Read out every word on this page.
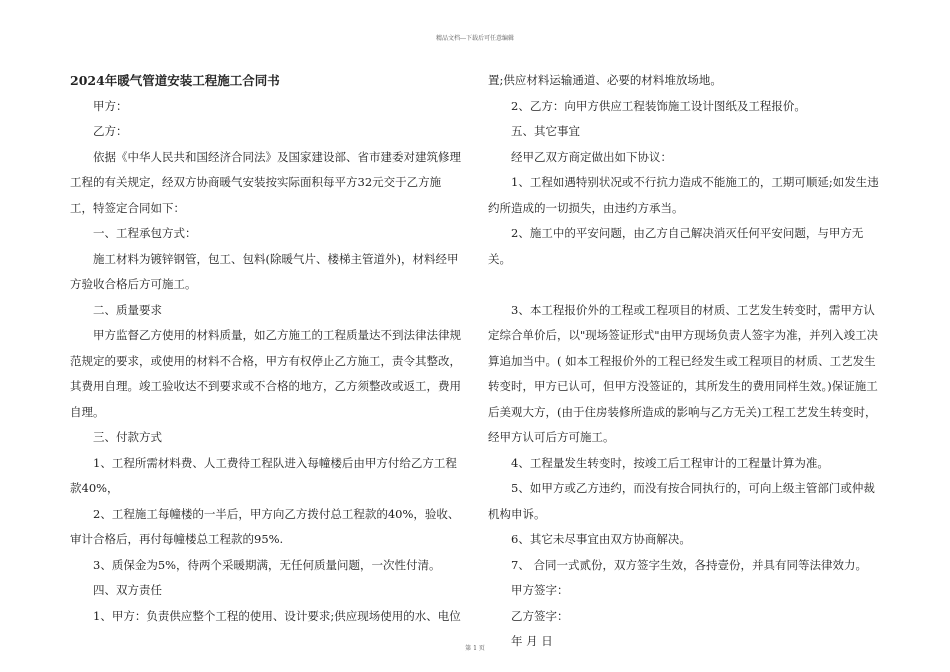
精品文档---下载后可任意编辑

2024年暖气管道安装工程施工合同书

甲方：

乙方：

依据《中华人民共和国经济合同法》及国家建设部、省市建委对建筑修理工程的有关规定，经双方协商暖气安装按实际面积每平方32元交于乙方施工，特签定合同如下：

一、工程承包方式：

施工材料为镀锌钢管，包工、包料(除暖气片、楼梯主管道外)，材料经甲方验收合格后方可施工。

二、质量要求

甲方监督乙方使用的材料质量，如乙方施工的工程质量达不到法律法律规范规定的要求，或使用的材料不合格，甲方有权停止乙方施工，责令其整改，其费用自理。竣工验收达不到要求或不合格的地方，乙方须整改或返工，费用自理。

三、付款方式

1、工程所需材料费、人工费待工程队进入每幢楼后由甲方付给乙方工程款40%，

2、工程施工每幢楼的一半后，甲方向乙方拨付总工程款的40%，验收、审计合格后，再付每幢楼总工程款的95%.

3、质保金为5%，待两个采暖期满，无任何质量问题，一次性付清。

四、双方责任

1、甲方：负责供应整个工程的使用、设计要求;供应现场使用的水、电位

置;供应材料运输通道、必要的材料堆放场地。

2、乙方：向甲方供应工程装饰施工设计图纸及工程报价。

五、其它事宜

经甲乙双方商定做出如下协议：

1、工程如遇特别状况或不行抗力造成不能施工的，工期可顺延;如发生违约所造成的一切损失，由违约方承当。

2、施工中的平安问题，由乙方自己解决消灭任何平安问题，与甲方无关。

3、本工程报价外的工程或工程项目的材质、工艺发生转变时，需甲方认定综合单价后，以"现场签证形式"由甲方现场负责人签字为准，并列入竣工决算追加当中。( 如本工程报价外的工程已经发生或工程项目的材质、工艺发生转变时，甲方已认可，但甲方没签证的，其所发生的费用同样生效。)保证施工后美观大方，(由于住房装修所造成的影响与乙方无关)工程工艺发生转变时，经甲方认可后方可施工。

4、工程量发生转变时，按竣工后工程审计的工程量计算为准。

5、如甲方或乙方违约，而没有按合同执行的，可向上级主管部门或仲裁机构申诉。

6、其它未尽事宜由双方协商解决。

7、 合同一式贰份，双方签字生效，各持壹份，并具有同等法律效力。

甲方签字：

乙方签字：

年 月 日

第 1 页
